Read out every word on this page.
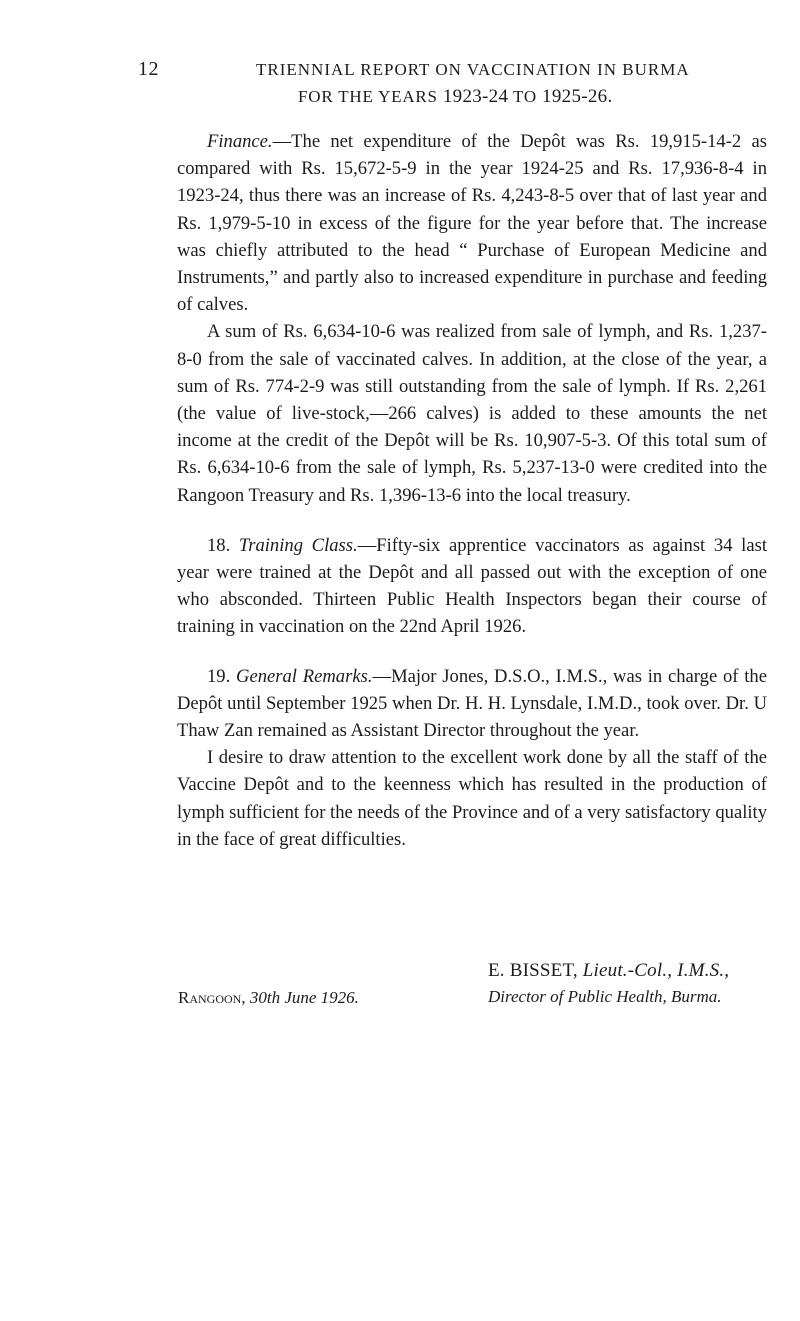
12	TRIENNIAL REPORT ON VACCINATION IN BURMA
FOR THE YEARS 1923-24 TO 1925-26.

Finance.—The net expenditure of the Depôt was Rs. 19,915-14-2 as compared with Rs. 15,672-5-9 in the year 1924-25 and Rs. 17,936-8-4 in 1923-24, thus there was an increase of Rs. 4,243-8-5 over that of last year and Rs. 1,979-5-10 in excess of the figure for the year before that. The increase was chiefly attributed to the head “ Purchase of European Medicine and Instruments,” and partly also to increased expenditure in purchase and feeding of calves.

A sum of Rs. 6,634-10-6 was realized from sale of lymph, and Rs. 1,237-8-0 from the sale of vaccinated calves. In addition, at the close of the year, a sum of Rs. 774-2-9 was still outstanding from the sale of lymph. If Rs. 2,261 (the value of live-stock,—266 calves) is added to these amounts the net income at the credit of the Depôt will be Rs. 10,907-5-3. Of this total sum of Rs. 6,634-10-6 from the sale of lymph, Rs. 5,237-13-0 were credited into the Rangoon Treasury and Rs. 1,396-13-6 into the local treasury.

18. Training Class.—Fifty-six apprentice vaccinators as against 34 last year were trained at the Depôt and all passed out with the exception of one who absconded. Thirteen Public Health Inspectors began their course of training in vaccination on the 22nd April 1926.

19. General Remarks.—Major Jones, D.S.O., I.M.S., was in charge of the Depôt until September 1925 when Dr. H. H. Lynsdale, I.M.D., took over. Dr. U Thaw Zan remained as Assistant Director throughout the year.

I desire to draw attention to the excellent work done by all the staff of the Vaccine Depôt and to the keenness which has resulted in the production of lymph sufficient for the needs of the Province and of a very satisfactory quality in the face of great difficulties.

E. BISSET, Lieut.-Col., I.M.S.,
Director of Public Health, Burma.
Rangoon, 30th June 1926.
